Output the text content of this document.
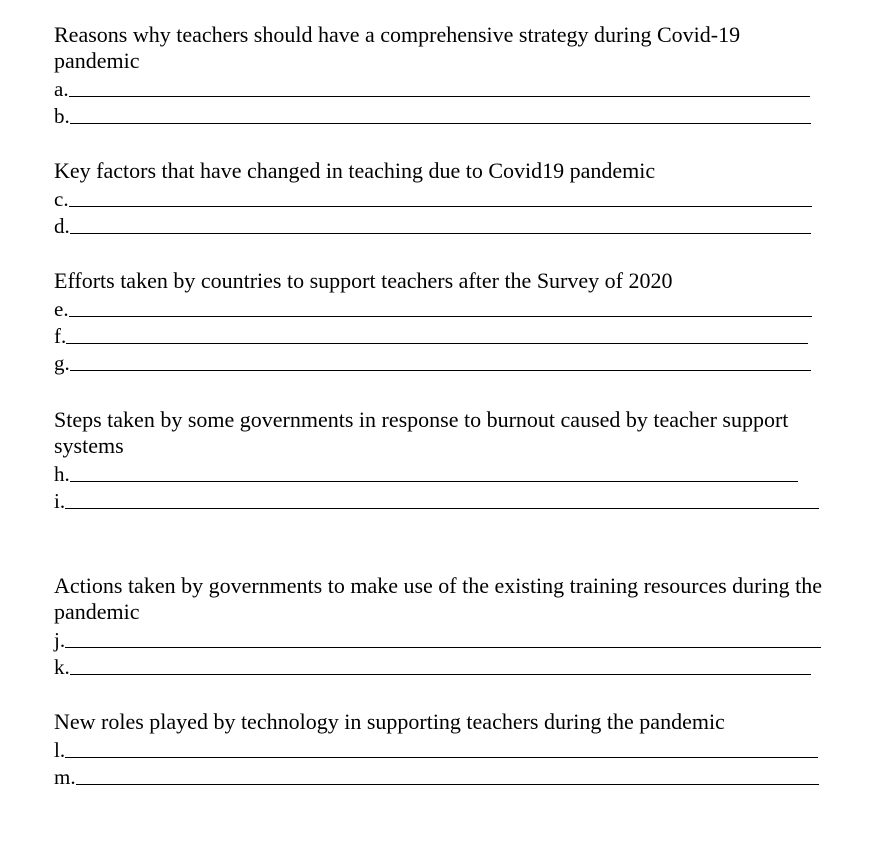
Reasons why teachers should have a comprehensive strategy during Covid-19 pandemic

a.
b.

Key factors that have changed in teaching due to Covid19 pandemic

c.
d.

Efforts taken by countries to support teachers after the Survey of 2020

e.
f.
g.

Steps taken by some governments in response to burnout caused by teacher support systems

h.
i.

Actions taken by governments to make use of the existing training resources during the pandemic

j.
k.

New roles played by technology in supporting teachers during the pandemic

l.
m.
